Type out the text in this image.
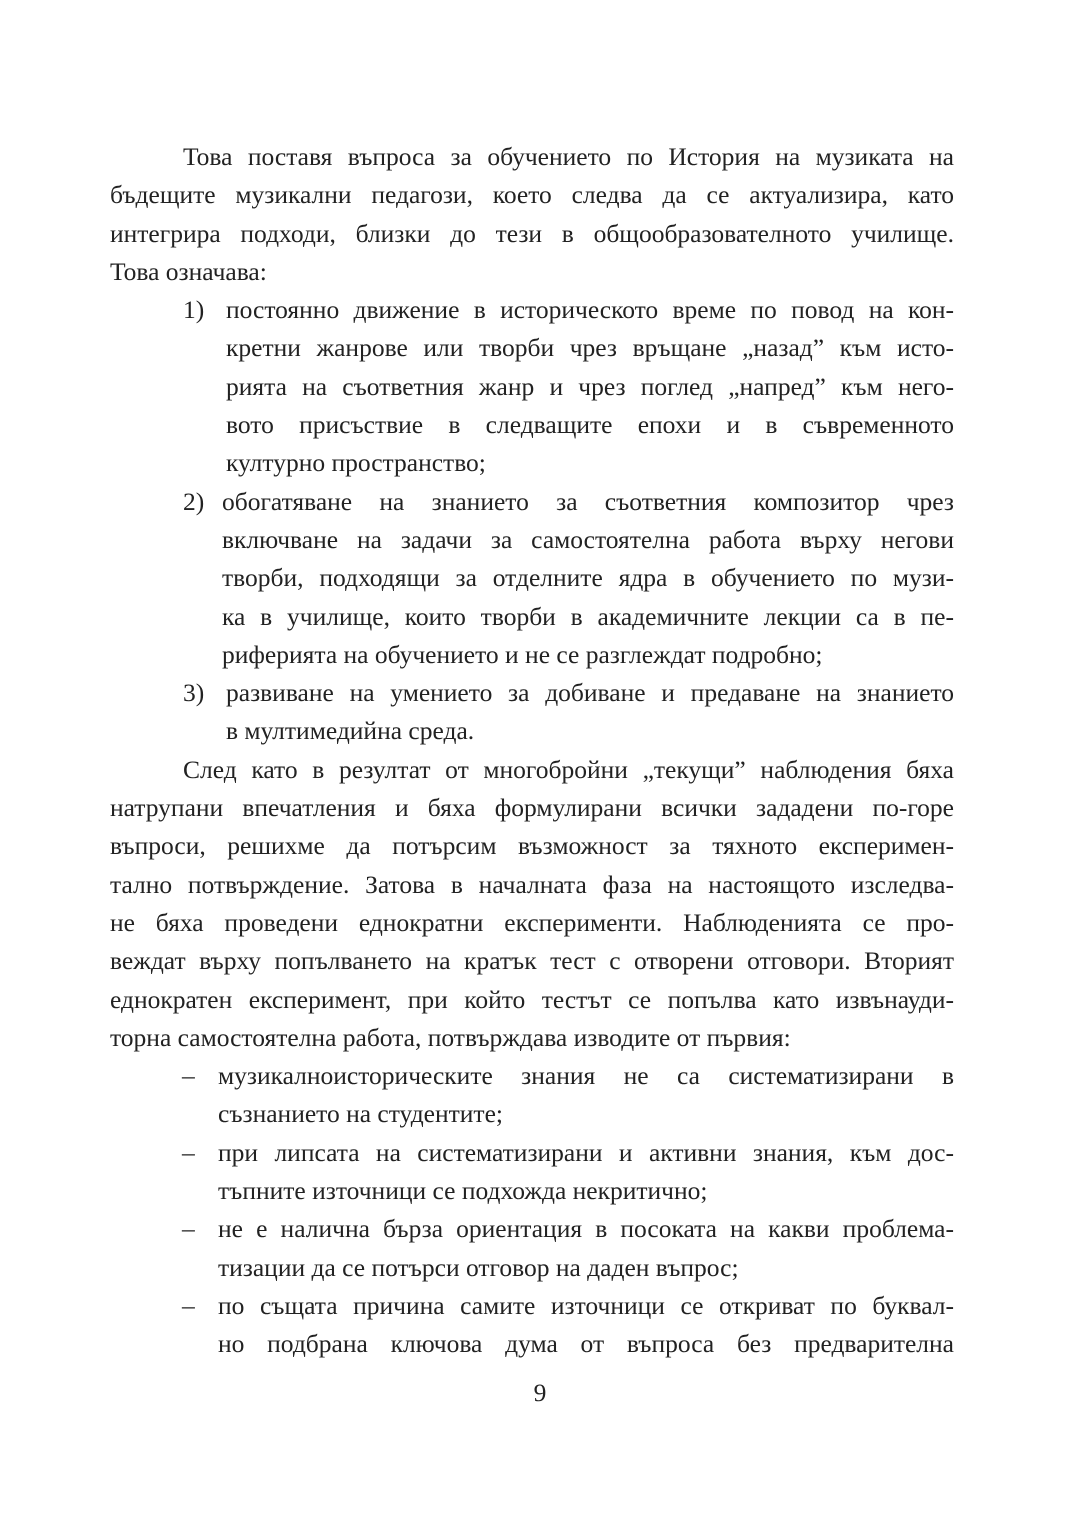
Това поставя въпроса за обучението по История на музиката на
бъдещите музикални педагози, което следва да се актуализира, като
интегрира подходи, близки до тези в общообразователното училище.
Това означава:
1) постоянно движение в историческото време по повод на кон-
кретни жанрове или творби чрез връщане „назад” към исто-
рията на съответния жанр и чрез поглед „напред” към него-
вото присъствие в следващите епохи и в съвременното
културно пространство;
2) обогатяване на знанието за съответния композитор чрез
включване на задачи за самостоятелна работа върху негови
творби, подходящи за отделните ядра в обучението по музи-
ка в училище, които творби в академичните лекции са в пе-
риферията на обучението и не се разглеждат подробно;
3) развиване на умението за добиване и предаване на знанието
в мултимедийна среда.
След като в резултат от многобройни „текущи” наблюдения бяха
натрупани впечатления и бяха формулирани всички зададени по-горе
въпроси, решихме да потърсим възможност за тяхното експеримен-
тално потвърждение. Затова в началната фаза на настоящото изследва-
не бяха проведени еднократни експерименти. Наблюденията се про-
веждат върху попълването на кратък тест с отворени отговори. Вторият
еднократен експеримент, при който тестът се попълва като извънауди-
торна самостоятелна работа, потвърждава изводите от първия:
– музикалноисторическите знания не са систематизирани в
съзнанието на студентите;
– при липсата на систематизирани и активни знания, към дос-
тъпните източници се подхожда некритично;
– не е налична бърза ориентация в посоката на какви проблема-
тизации да се потърси отговор на даден въпрос;
– по същата причина самите източници се откриват по буквал-
но подбрана ключова дума от въпроса без предварителна
9
